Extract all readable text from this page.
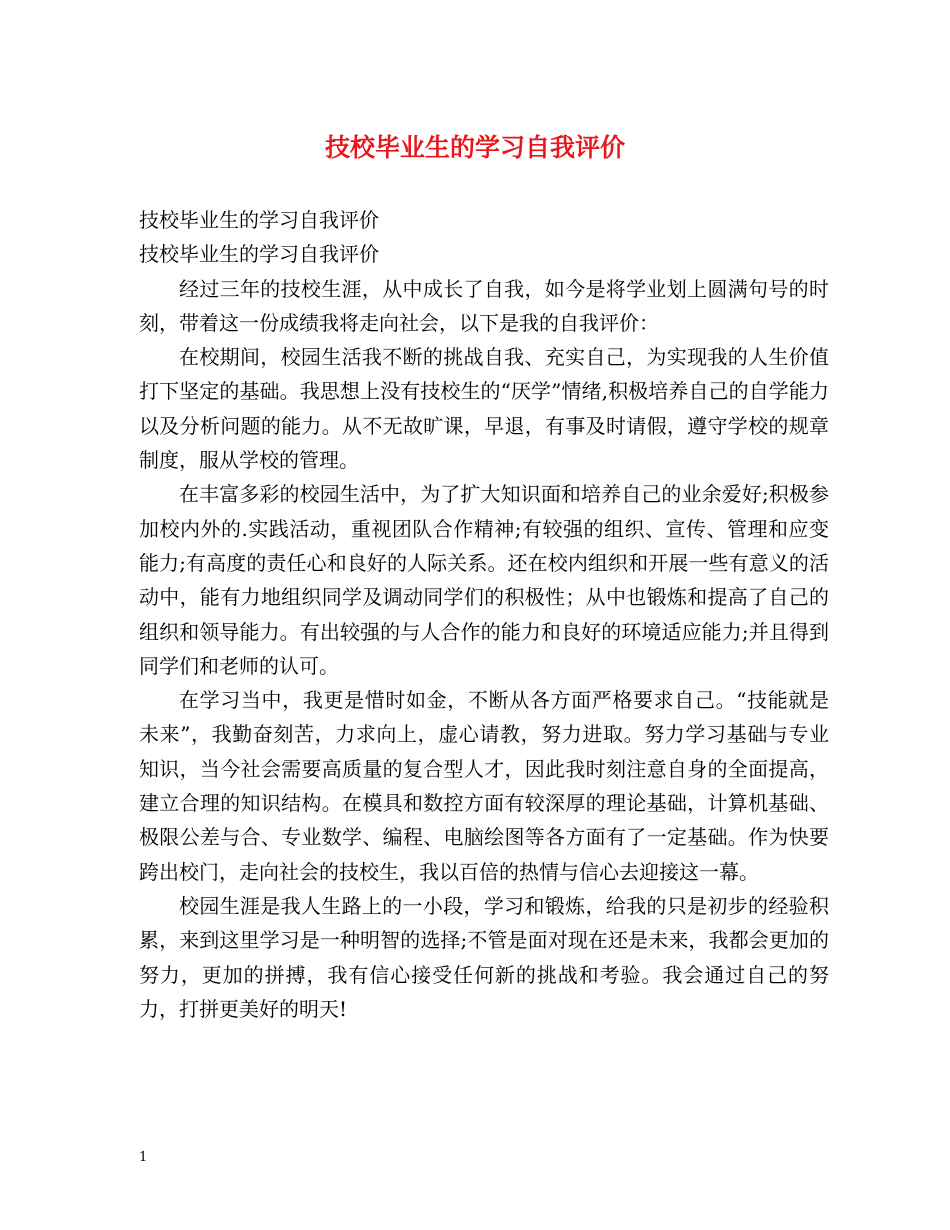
技校毕业生的学习自我评价

技校毕业生的学习自我评价

技校毕业生的学习自我评价

经过三年的技校生涯，从中成长了自我，如今是将学业划上圆满句号的时刻，带着这一份成绩我将走向社会，以下是我的自我评价：

在校期间，校园生活我不断的挑战自我、充实自己，为实现我的人生价值打下坚定的基础。我思想上没有技校生的“厌学”情绪,积极培养自己的自学能力以及分析问题的能力。从不无故旷课，早退，有事及时请假，遵守学校的规章制度，服从学校的管理。

在丰富多彩的校园生活中，为了扩大知识面和培养自己的业余爱好;积极参加校内外的.实践活动，重视团队合作精神;有较强的组织、宣传、管理和应变能力;有高度的责任心和良好的人际关系。还在校内组织和开展一些有意义的活动中，能有力地组织同学及调动同学们的积极性；从中也锻炼和提高了自己的组织和领导能力。有出较强的与人合作的能力和良好的环境适应能力;并且得到同学们和老师的认可。

在学习当中，我更是惜时如金，不断从各方面严格要求自己。“技能就是未来”，我勤奋刻苦，力求向上，虚心请教，努力进取。努力学习基础与专业知识，当今社会需要高质量的复合型人才，因此我时刻注意自身的全面提高，建立合理的知识结构。在模具和数控方面有较深厚的理论基础，计算机基础、极限公差与合、专业数学、编程、电脑绘图等各方面有了一定基础。作为快要跨出校门，走向社会的技校生，我以百倍的热情与信心去迎接这一幕。

校园生涯是我人生路上的一小段，学习和锻炼，给我的只是初步的经验积累，来到这里学习是一种明智的选择;不管是面对现在还是未来，我都会更加的努力，更加的拼搏，我有信心接受任何新的挑战和考验。我会通过自己的努力，打拼更美好的明天!

1
